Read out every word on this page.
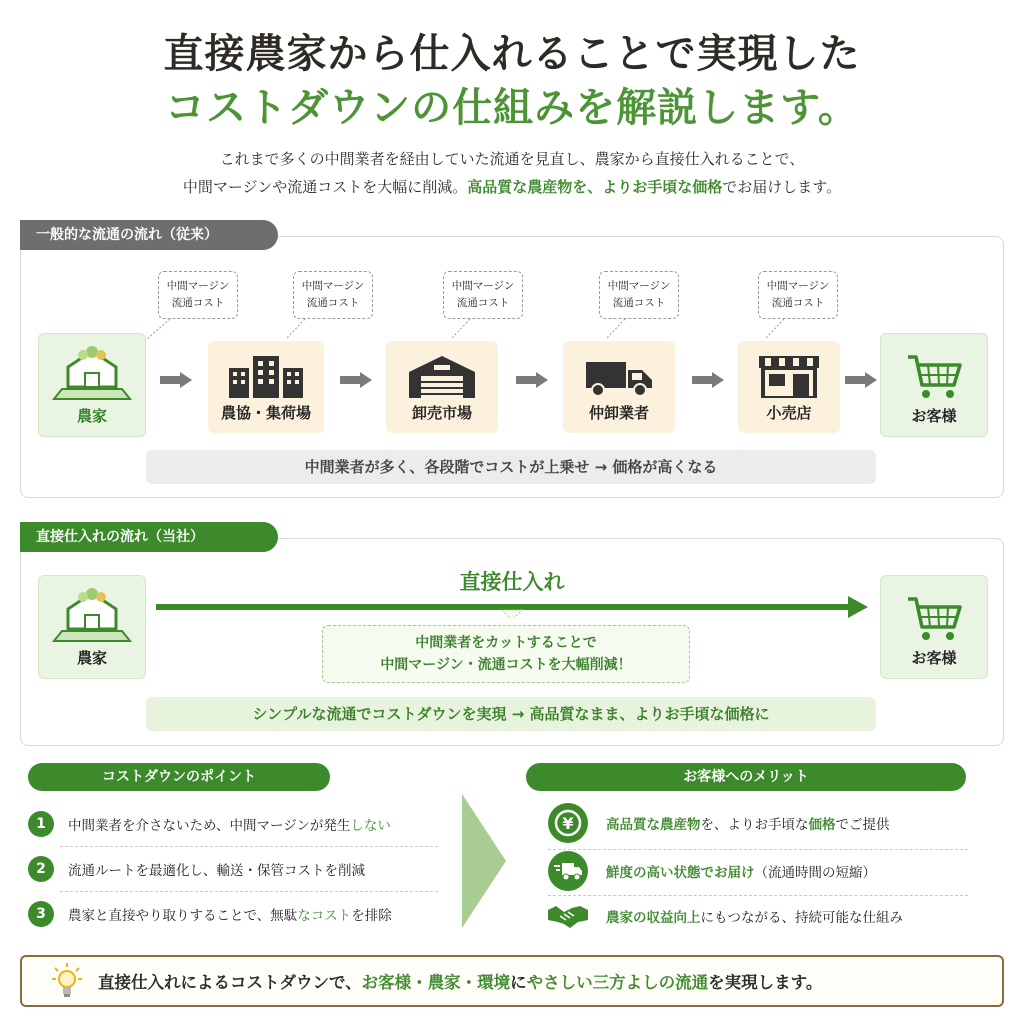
直接農家から仕入れることで実現した
コストダウンの仕組みを解説します。
これまで多くの中間業者を経由していた流通を見直し、農家から直接仕入れることで、
中間マージンや流通コストを大幅に削減。高品質な農産物を、よりお手頃な価格でお届けします。
一般的な流通の流れ（従来）
中間マージン
流通コスト
中間マージン
流通コスト
中間マージン
流通コスト
中間マージン
流通コスト
中間マージン
流通コスト
農家	農協・集荷場	卸売市場	仲卸業者	小売店	お客様
中間業者が多く、各段階でコストが上乗せ → 価格が高くなる
直接仕入れの流れ（当社）
農家	お客様
直接仕入れ
中間業者をカットすることで
中間マージン・流通コストを大幅削減！
シンプルな流通でコストダウンを実現 → 高品質なまま、よりお手頃な価格に
コストダウンのポイント
1	中間業者を介さないため、中間マージンが発生しない
2	流通ルートを最適化し、輸送・保管コストを削減
3	農家と直接やり取りすることで、無駄なコストを排除
お客様へのメリット
¥ 高品質な農産物を、よりお手頃な価格でご提供
鮮度の高い状態でお届け（流通時間の短縮）
農家の収益向上にもつながる、持続可能な仕組み
直接仕入れによるコストダウンで、お客様・農家・環境にやさしい三方よしの流通を実現します。
